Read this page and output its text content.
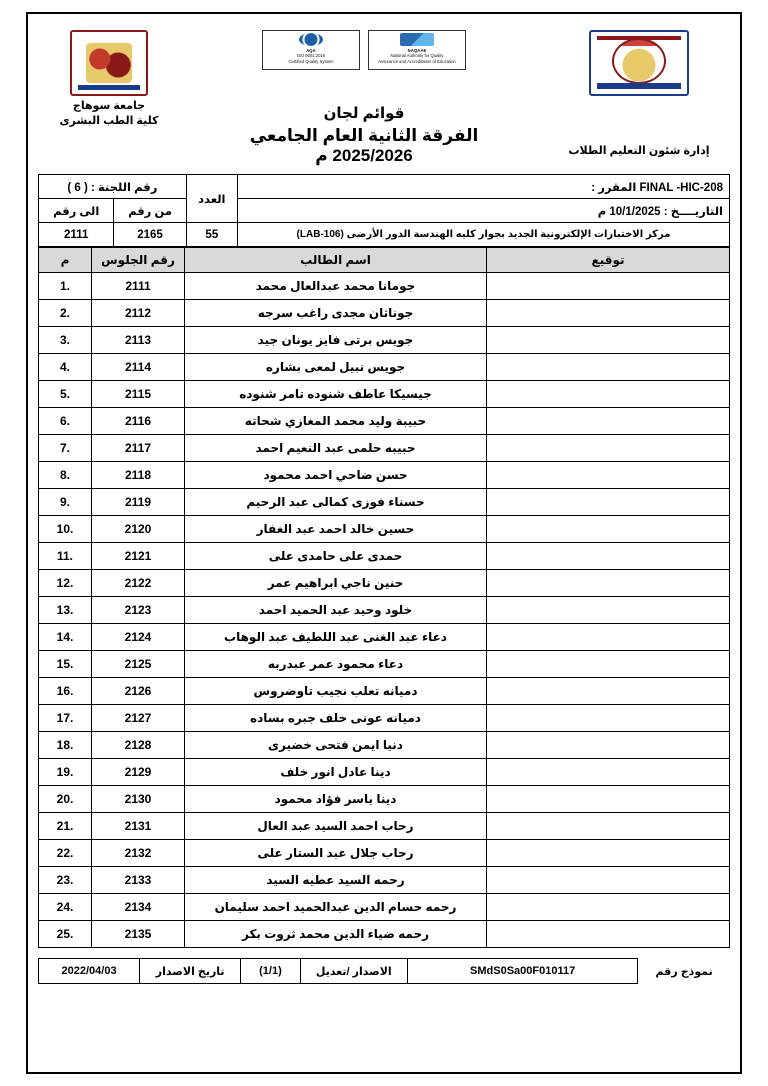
جامعة سوهاج
كلية الطب البشرى
NAQAAE
National Authority for Quality
Assurance and Accreditation of Education
AQA
ISO 9001:2015
Certified Quality System
قوائم لجان
الفرقة الثانية العام الجامعي 2025/2026 م	إدارة شئون التعليم الطلاب
FINAL -HIC-208 المقرر :	العدد	رقم اللجنة : ( 6 )	
التاريــــخ : 10/1/2025 م		من رقم	الى رقم
مركز الاختبارات الإلكترونية الجديد بجوار كليه الهندسة الدور الأرضى (LAB-106)	55	2165	2111
توقيع	اسم الطالب	رقم الجلوس	م
	جومانا محمد عبدالعال محمد	2111	.1
	جوناثان مجدى راغب سرجه	2112	.2
	جويس برتى فايز يونان جيد	2113	.3
	جويس نبيل لمعى بشاره	2114	.4
	جيسيكا عاطف شنوده تامر شنوده	2115	.5
	حبيبة وليد محمد المغازي شحاته	2116	.6
	حبيبه حلمى عبد النعيم احمد	2117	.7
	حسن ضاحي احمد محمود	2118	.8
	حسناء فوزى كمالى عبد الرحيم	2119	.9
	حسين خالد احمد عبد الغفار	2120	.10
	حمدى على حامدى على	2121	.11
	حنين ناجي ابراهيم عمر	2122	.12
	خلود وحيد عبد الحميد احمد	2123	.13
	دعاء عبد الغنى عبد اللطيف عبد الوهاب	2124	.14
	دعاء محمود عمر عبدربه	2125	.15
	دميانه تعلب نجيب تاوضروس	2126	.16
	دميانه عونى خلف جبره بساده	2127	.17
	دنيا ايمن فتحى خضيرى	2128	.18
	دينا عادل انور خلف	2129	.19
	دينا ياسر فؤاد محمود	2130	.20
	رحاب احمد السيد عبد العال	2131	.21
	رحاب جلال عبد الستار على	2132	.22
	رحمه السيد عطيه السيد	2133	.23
	رحمه حسام الدين عبدالحميد احمد سليمان	2134	.24
	رحمه ضياء الدين محمد ثروت بكر	2135	.25
نموذج رقم	SMdS0Sa00F010117	الاصدار /تعديل	(1/1)	تاريخ الاصدار	2022/04/03
